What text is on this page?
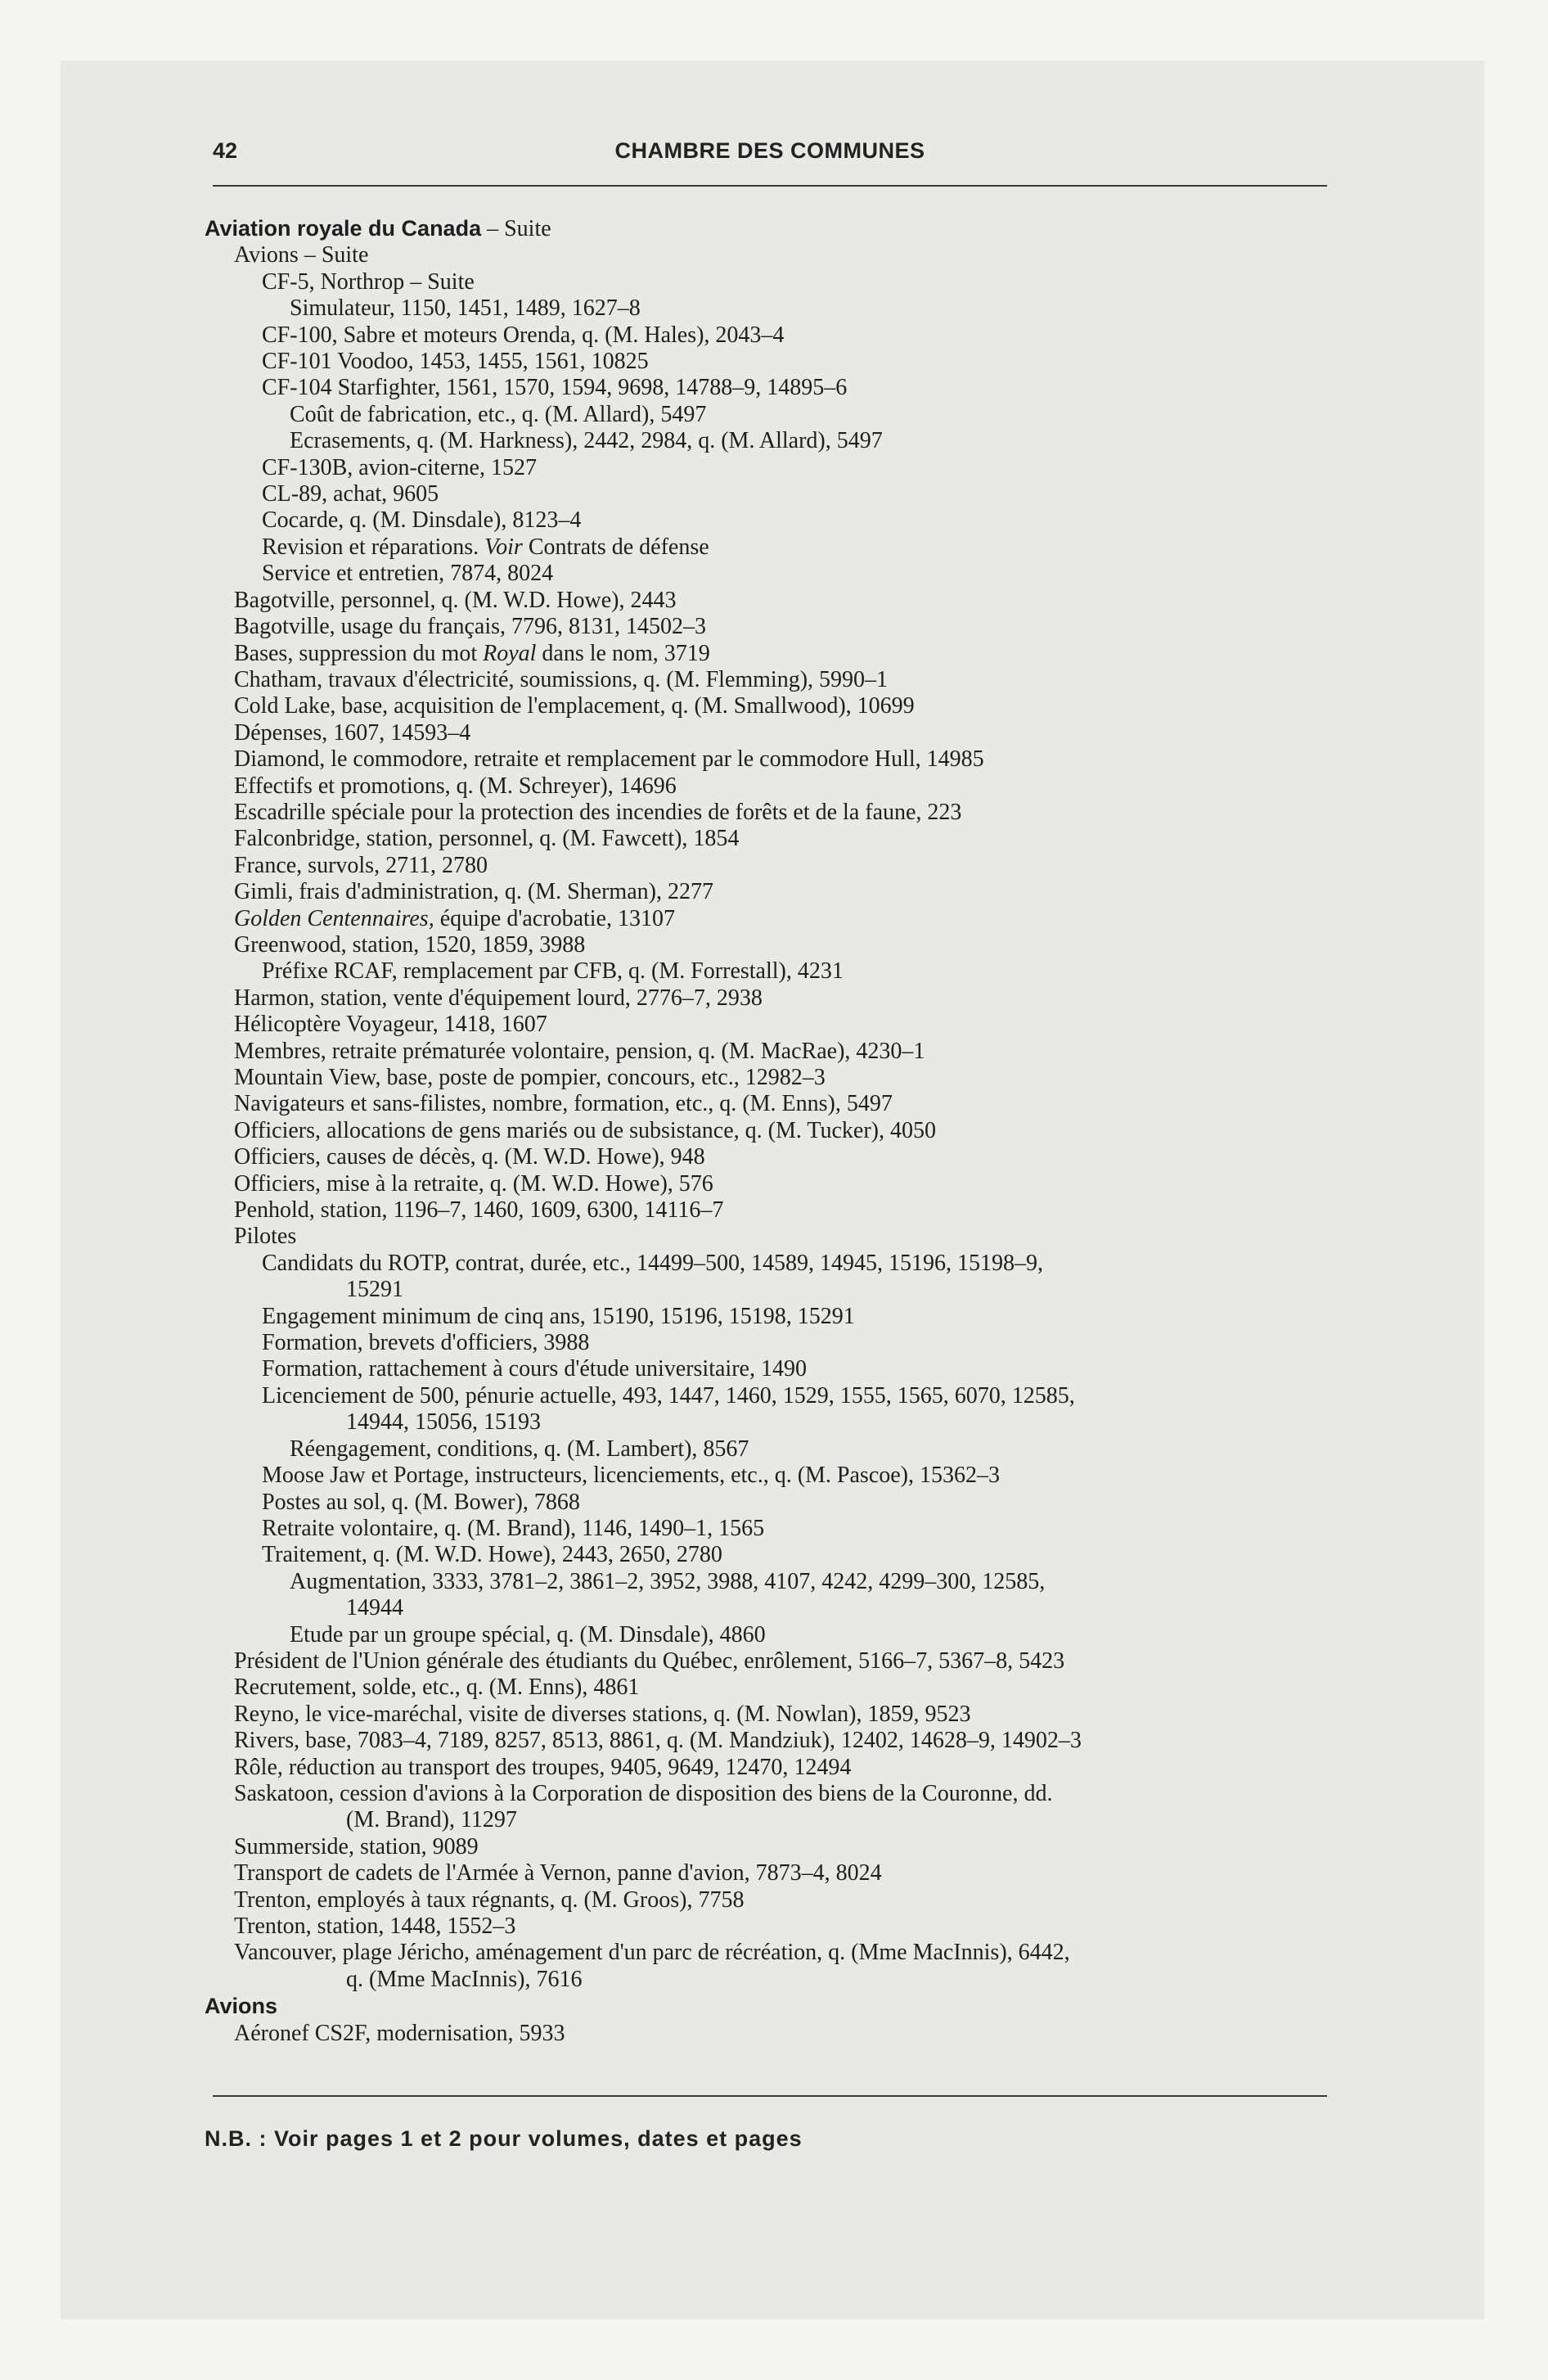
42	CHAMBRE DES COMMUNES
Aviation royale du Canada – Suite
Avions – Suite
CF-5, Northrop – Suite
Simulateur, 1150, 1451, 1489, 1627–8
CF-100, Sabre et moteurs Orenda, q. (M. Hales), 2043–4
CF-101 Voodoo, 1453, 1455, 1561, 10825
CF-104 Starfighter, 1561, 1570, 1594, 9698, 14788–9, 14895–6
Coût de fabrication, etc., q. (M. Allard), 5497
Ecrasements, q. (M. Harkness), 2442, 2984, q. (M. Allard), 5497
CF-130B, avion-citerne, 1527
CL-89, achat, 9605
Cocarde, q. (M. Dinsdale), 8123–4
Revision et réparations. Voir Contrats de défense
Service et entretien, 7874, 8024
Bagotville, personnel, q. (M. W.D. Howe), 2443
Bagotville, usage du français, 7796, 8131, 14502–3
Bases, suppression du mot Royal dans le nom, 3719
Chatham, travaux d'électricité, soumissions, q. (M. Flemming), 5990–1
Cold Lake, base, acquisition de l'emplacement, q. (M. Smallwood), 10699
Dépenses, 1607, 14593–4
Diamond, le commodore, retraite et remplacement par le commodore Hull, 14985
Effectifs et promotions, q. (M. Schreyer), 14696
Escadrille spéciale pour la protection des incendies de forêts et de la faune, 223
Falconbridge, station, personnel, q. (M. Fawcett), 1854
France, survols, 2711, 2780
Gimli, frais d'administration, q. (M. Sherman), 2277
Golden Centennaires, équipe d'acrobatie, 13107
Greenwood, station, 1520, 1859, 3988
Préfixe RCAF, remplacement par CFB, q. (M. Forrestall), 4231
Harmon, station, vente d'équipement lourd, 2776–7, 2938
Hélicoptère Voyageur, 1418, 1607
Membres, retraite prématurée volontaire, pension, q. (M. MacRae), 4230–1
Mountain View, base, poste de pompier, concours, etc., 12982–3
Navigateurs et sans-filistes, nombre, formation, etc., q. (M. Enns), 5497
Officiers, allocations de gens mariés ou de subsistance, q. (M. Tucker), 4050
Officiers, causes de décès, q. (M. W.D. Howe), 948
Officiers, mise à la retraite, q. (M. W.D. Howe), 576
Penhold, station, 1196–7, 1460, 1609, 6300, 14116–7
Pilotes
Candidats du ROTP, contrat, durée, etc., 14499–500, 14589, 14945, 15196, 15198–9,
15291
Engagement minimum de cinq ans, 15190, 15196, 15198, 15291
Formation, brevets d'officiers, 3988
Formation, rattachement à cours d'étude universitaire, 1490
Licenciement de 500, pénurie actuelle, 493, 1447, 1460, 1529, 1555, 1565, 6070, 12585,
14944, 15056, 15193
Réengagement, conditions, q. (M. Lambert), 8567
Moose Jaw et Portage, instructeurs, licenciements, etc., q. (M. Pascoe), 15362–3
Postes au sol, q. (M. Bower), 7868
Retraite volontaire, q. (M. Brand), 1146, 1490–1, 1565
Traitement, q. (M. W.D. Howe), 2443, 2650, 2780
Augmentation, 3333, 3781–2, 3861–2, 3952, 3988, 4107, 4242, 4299–300, 12585,
14944
Etude par un groupe spécial, q. (M. Dinsdale), 4860
Président de l'Union générale des étudiants du Québec, enrôlement, 5166–7, 5367–8, 5423
Recrutement, solde, etc., q. (M. Enns), 4861
Reyno, le vice-maréchal, visite de diverses stations, q. (M. Nowlan), 1859, 9523
Rivers, base, 7083–4, 7189, 8257, 8513, 8861, q. (M. Mandziuk), 12402, 14628–9, 14902–3
Rôle, réduction au transport des troupes, 9405, 9649, 12470, 12494
Saskatoon, cession d'avions à la Corporation de disposition des biens de la Couronne, dd.
(M. Brand), 11297
Summerside, station, 9089
Transport de cadets de l'Armée à Vernon, panne d'avion, 7873–4, 8024
Trenton, employés à taux régnants, q. (M. Groos), 7758
Trenton, station, 1448, 1552–3
Vancouver, plage Jéricho, aménagement d'un parc de récréation, q. (Mme MacInnis), 6442,
q. (Mme MacInnis), 7616
Avions
Aéronef CS2F, modernisation, 5933
N.B. : Voir pages 1 et 2 pour volumes, dates et pages
